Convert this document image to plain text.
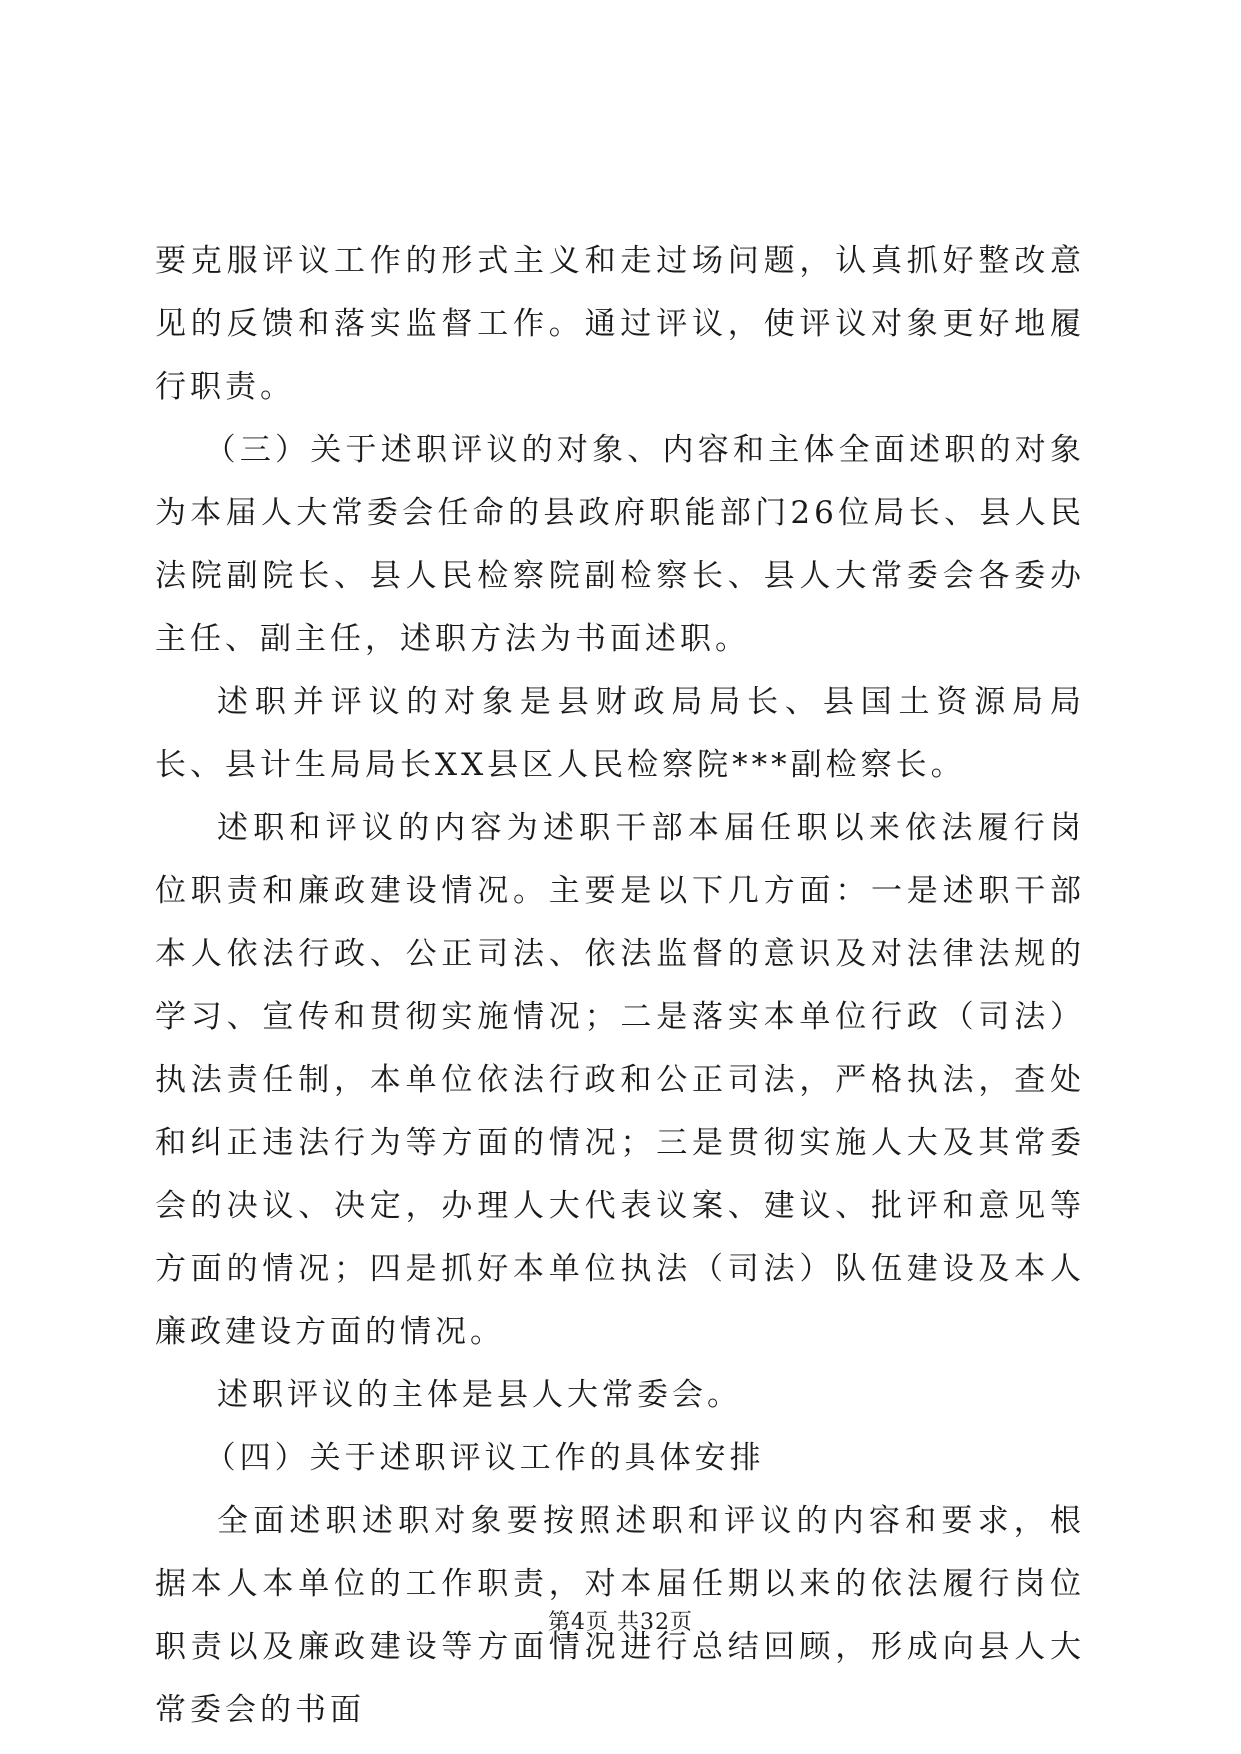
要克服评议工作的形式主义和走过场问题，认真抓好整改意见的反馈和落实监督工作。通过评议，使评议对象更好地履行职责。

（三）关于述职评议的对象、内容和主体全面述职的对象为本届人大常委会任命的县政府职能部门26位局长、县人民法院副院长、县人民检察院副检察长、县人大常委会各委办主任、副主任，述职方法为书面述职。

述职并评议的对象是县财政局局长、县国土资源局局长、县计生局局长XX县区人民检察院***副检察长。

述职和评议的内容为述职干部本届任职以来依法履行岗位职责和廉政建设情况。主要是以下几方面：一是述职干部本人依法行政、公正司法、依法监督的意识及对法律法规的学习、宣传和贯彻实施情况；二是落实本单位行政（司法）执法责任制，本单位依法行政和公正司法，严格执法，查处和纠正违法行为等方面的情况；三是贯彻实施人大及其常委会的决议、决定，办理人大代表议案、建议、批评和意见等方面的情况；四是抓好本单位执法（司法）队伍建设及本人廉政建设方面的情况。

述职评议的主体是县人大常委会。

（四）关于述职评议工作的具体安排

全面述职述职对象要按照述职和评议的内容和要求，根据本人本单位的工作职责，对本届任期以来的依法履行岗位职责以及廉政建设等方面情况进行总结回顾，形成向县人大常委会的书面

第4页 共32页
